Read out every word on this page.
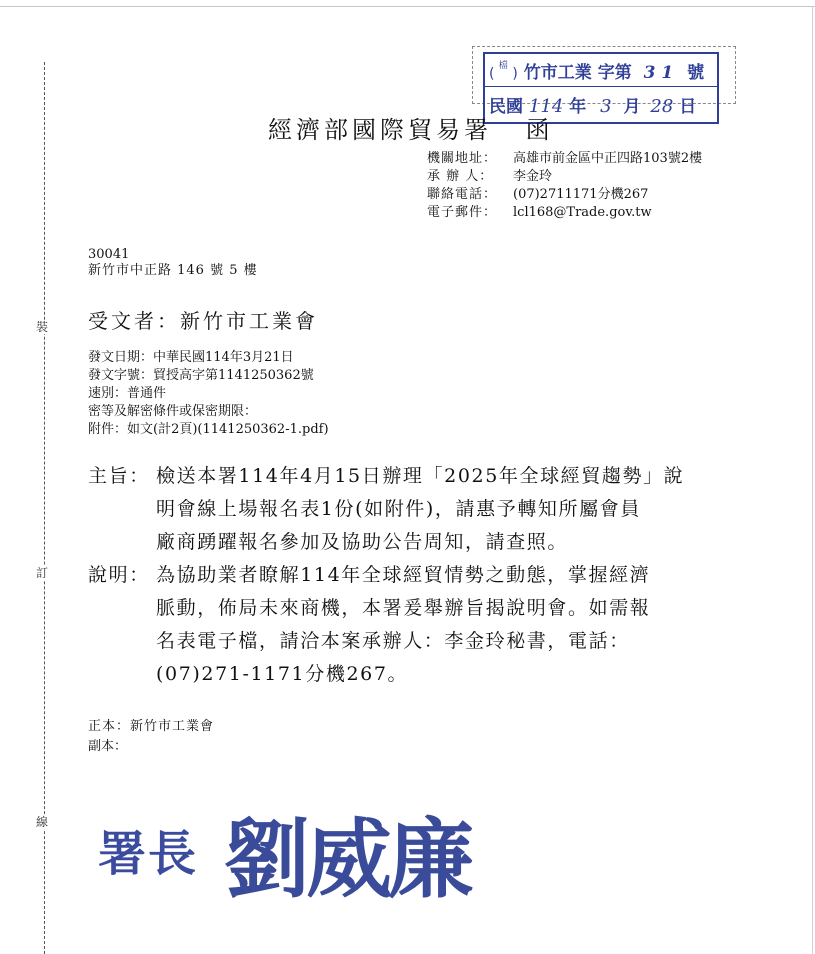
裝
訂
線
( $^檔$ ) 竹市工業 字第 3 1 號
民國 114 年 3 月 28 日
經濟部國際貿易署 函
機關地址： 高雄市前金區中正四路103號2樓
承 辦 人： 李金玲
聯絡電話： (07)2711171分機267
電子郵件： lcl168@Trade.gov.tw
30041
新竹市中正路 146 號 5 樓
受文者：新竹市工業會
發文日期：中華民國114年3月21日
發文字號：貿授高字第1141250362號
速別：普通件
密等及解密條件或保密期限：
附件：如文(計2頁)(1141250362-1.pdf)
主旨： 檢送本署114年4月15日辦理「2025年全球經貿趨勢」說
明會線上場報名表1份(如附件)，請惠予轉知所屬會員
廠商踴躍報名參加及協助公告周知，請查照。
說明： 為協助業者瞭解114年全球經貿情勢之動態，掌握經濟
脈動，佈局未來商機，本署爰舉辦旨揭說明會。如需報
名表電子檔，請洽本案承辦人：李金玲秘書，電話：
(07)271-1171分機267。
正本：新竹市工業會
副本：
署長 劉威廉
